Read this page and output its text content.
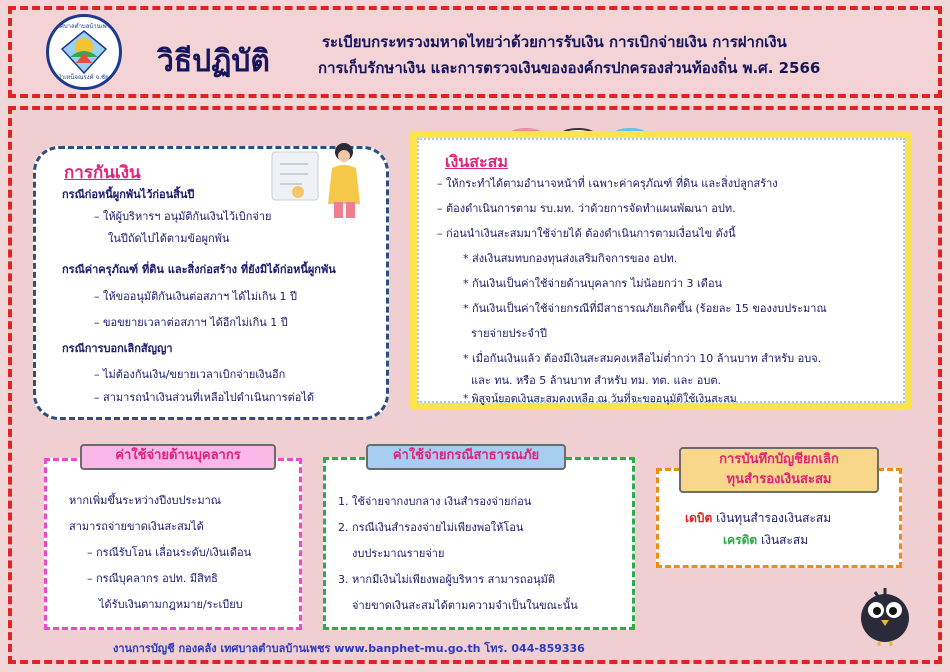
เทศบาลตำบลบ้านเพชร
อ.บำเหน็จณรงค์ จ.ชัยภูมิ วิธีปฏิบัติ
ระเบียบกระทรวงมหาดไทยว่าด้วยการรับเงิน การเบิกจ่ายเงิน การฝากเงิน
การเก็บรักษาเงิน และการตรวจเงินขององค์กรปกครองส่วนท้องถิ่น พ.ศ. 2566
การกันเงิน
กรณีก่อหนี้ผูกพันไว้ก่อนสิ้นปี
– ให้ผู้บริหารฯ อนุมัติกันเงินไว้เบิกจ่าย
ในปีถัดไปได้ตามข้อผูกพัน
กรณีค่าครุภัณฑ์ ที่ดิน และสิ่งก่อสร้าง ที่ยังมิได้ก่อหนี้ผูกพัน
– ให้ขออนุมัติกันเงินต่อสภาฯ ได้ไม่เกิน 1 ปี
– ขอขยายเวลาต่อสภาฯ ได้อีกไม่เกิน 1 ปี
กรณีการบอกเลิกสัญญา
– ไม่ต้องกันเงิน/ขยายเวลาเบิกจ่ายเงินอีก
– สามารถนำเงินส่วนที่เหลือไปดำเนินการต่อได้
เงินสะสม
– ให้กระทำได้ตามอำนาจหน้าที่ เฉพาะค่าครุภัณฑ์ ที่ดิน และสิ่งปลูกสร้าง
– ต้องดำเนินการตาม รบ.มท. ว่าด้วยการจัดทำแผนพัฒนา อปท.
– ก่อนนำเงินสะสมมาใช้จ่ายได้ ต้องดำเนินการตามเงื่อนไข ดังนี้
* ส่งเงินสมทบกองทุนส่งเสริมกิจการของ อปท.
* กันเงินเป็นค่าใช้จ่ายด้านบุคลากร ไม่น้อยกว่า 3 เดือน
* กันเงินเป็นค่าใช้จ่ายกรณีที่มีสาธารณภัยเกิดขึ้น (ร้อยละ 15 ของงบประมาณ
รายจ่ายประจำปี
* เมื่อกันเงินแล้ว ต้องมีเงินสะสมคงเหลือไม่ต่ำกว่า 10 ล้านบาท สำหรับ อบจ.
และ ทน. หรือ 5 ล้านบาท สำหรับ ทม. ทต. และ อบต.
* พิสูจน์ยอดเงินสะสมคงเหลือ ณ วันที่จะขออนุมัติใช้เงินสะสม
หากเพิ่มขึ้นระหว่างปีงบประมาณ
สามารถจ่ายขาดเงินสะสมได้
– กรณีรับโอน เลื่อนระดับ/เงินเดือน
– กรณีบุคลากร อปท. มีสิทธิ
ได้รับเงินตามกฎหมาย/ระเบียบ
ค่าใช้จ่ายด้านบุคลากร
1. ใช้จ่ายจากงบกลาง เงินสำรองจ่ายก่อน
2. กรณีเงินสำรองจ่ายไม่เพียงพอให้โอน
งบประมาณรายจ่าย
3. หากมีเงินไม่เพียงพอผู้บริหาร สามารถอนุมัติ
จ่ายขาดเงินสะสมได้ตามความจำเป็นในขณะนั้น
ค่าใช้จ่ายกรณีสาธารณภัย
เดบิต เงินทุนสำรองเงินสะสม
เครดิต เงินสะสม
การบันทึกบัญชียกเลิก
ทุนสำรองเงินสะสม
งานการบัญชี กองคลัง เทศบาลตำบลบ้านเพชร www.banphet-mu.go.th โทร. 044-859336
